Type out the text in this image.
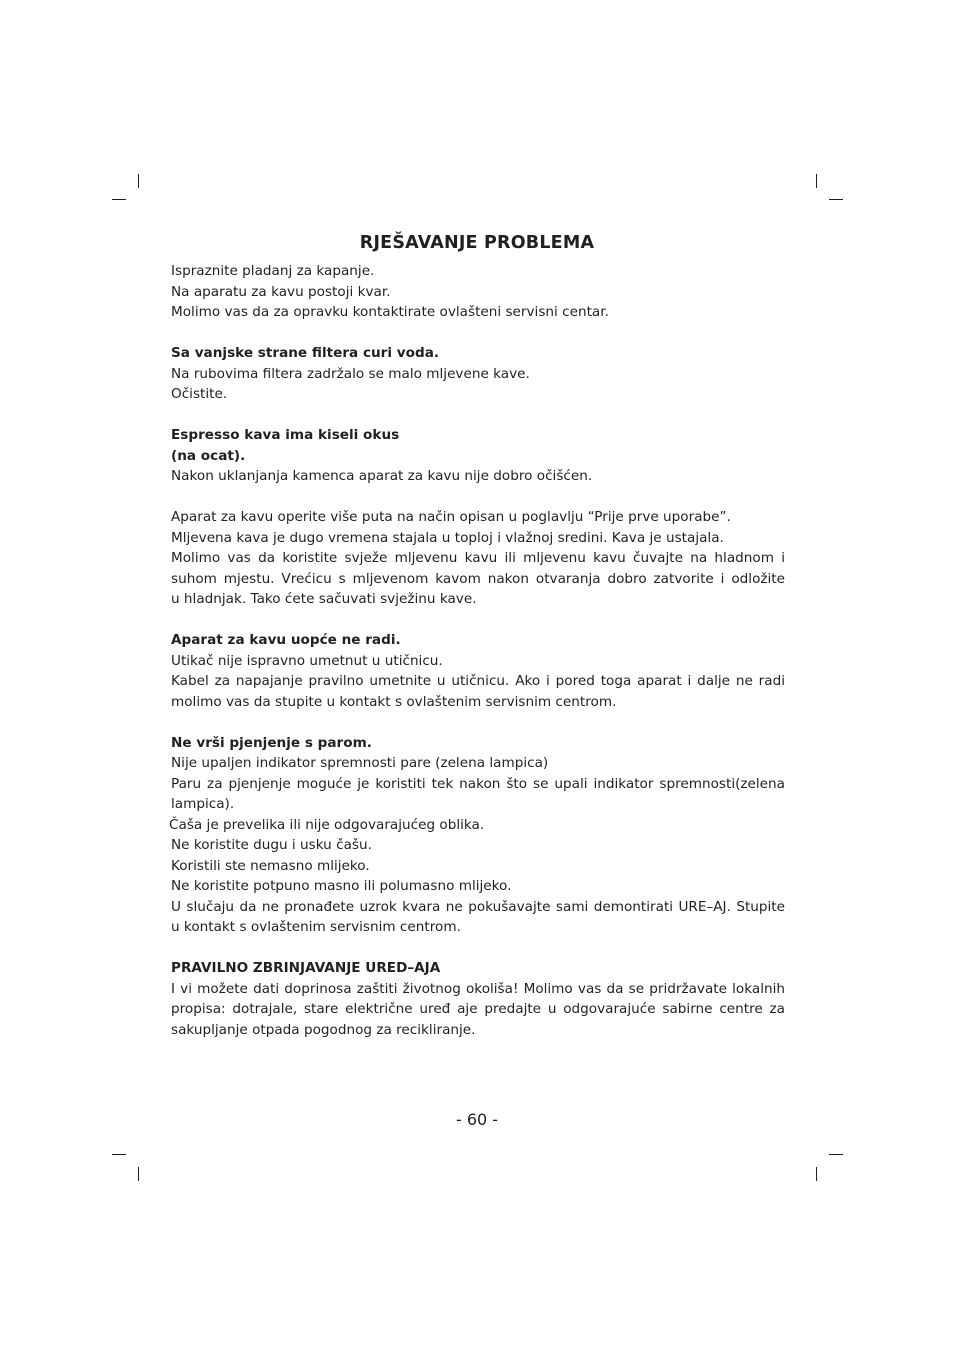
RJEŠAVANJE PROBLEMA
Ispraznite pladanj za kapanje.
Na aparatu za kavu postoji kvar.
Molimo vas da za opravku kontaktirate ovlašteni servisni centar.
Sa vanjske strane filtera curi voda.
Na rubovima filtera zadržalo se malo mljevene kave.
Očistite.
Espresso kava ima kiseli okus
(na ocat).
Nakon uklanjanja kamenca aparat za kavu nije dobro očišćen.
Aparat za kavu operite više puta na način opisan u poglavlju “Prije prve uporabe”.
Mljevena kava je dugo vremena stajala u toploj i vlažnoj sredini. Kava je ustajala.
Molimo vas da koristite svježe mljevenu kavu ili mljevenu kavu čuvajte na hladnom i
suhom mjestu. Vrećicu s mljevenom kavom nakon otvaranja dobro zatvorite i odložite
u hladnjak. Tako ćete sačuvati svježinu kave.
Aparat za kavu uopće ne radi.
Utikač nije ispravno umetnut u utičnicu.
Kabel za napajanje pravilno umetnite u utičnicu. Ako i pored toga aparat i dalje ne radi
molimo vas da stupite u kontakt s ovlaštenim servisnim centrom.
Ne vrši pjenjenje s parom.
Nije upaljen indikator spremnosti pare (zelena lampica)
Paru za pjenjenje moguće je koristiti tek nakon što se upali indikator spremnosti(zelena
lampica).
Čaša je prevelika ili nije odgovarajućeg oblika.
Ne koristite dugu i usku čašu.
Koristili ste nemasno mlijeko.
Ne koristite potpuno masno ili polumasno mlijeko.
U slučaju da ne pronađete uzrok kvara ne pokušavajte sami demontirati URE–AJ. Stupite
u kontakt s ovlaštenim servisnim centrom.
PRAVILNO ZBRINJAVANJE URED–AJA
I vi možete dati doprinosa zaštiti životnog okoliša! Molimo vas da se pridržavate lokalnih
propisa: dotrajale, stare električne uređ aje predajte u odgovarajuće sabirne centre za
sakupljanje otpada pogodnog za recikliranje.
- 60 -
